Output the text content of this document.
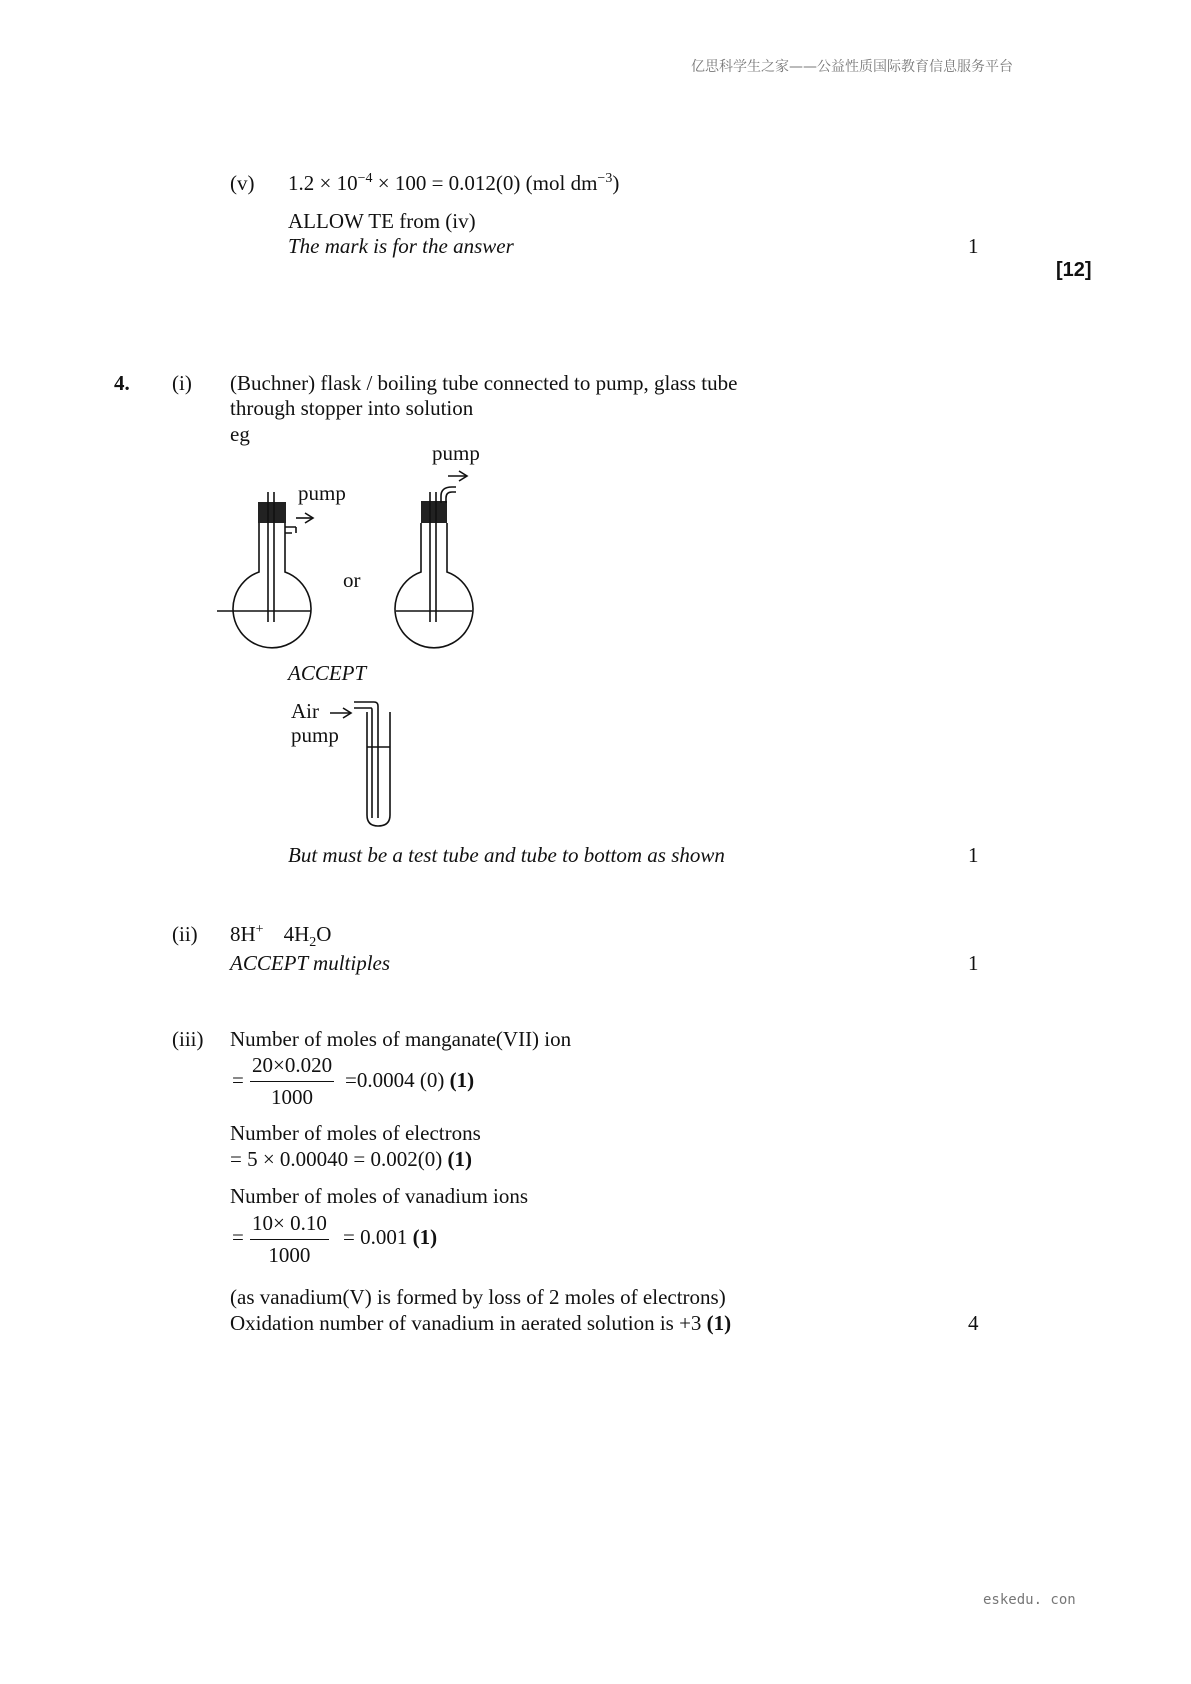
亿思科学生之家——公益性质国际教育信息服务平台
eskedu. con
(v) $1.2 \times 10^{-4} \times 100 = 0.012(0)$ (mol $dm^{-3}$)
ALLOW TE from (iv)
The mark is for the answer	1
[12]
4. (i) (Buchner) flask / boiling tube connected to pump, glass tube
through stopper into solution
eg
pump
or
pump
ACCEPT
Air
pump
But must be a test tube and tube to bottom as shown	1
(ii) 8H+ $4H_2O$
ACCEPT multiples	1
(iii) Number of moles of manganate(VII) ion
= $\frac{20\times 0.020}{1000} =0.0004$ (0) (1)
Number of moles of electrons
= 5 × 0.00040 = 0.002(0) (1)
Number of moles of vanadium ions
= $\frac{10\times 0.10}{1000} = 0.001$ (1)
(as vanadium(V) is formed by loss of 2 moles of electrons)
Oxidation number of vanadium in aerated solution is +3 (1)	4
